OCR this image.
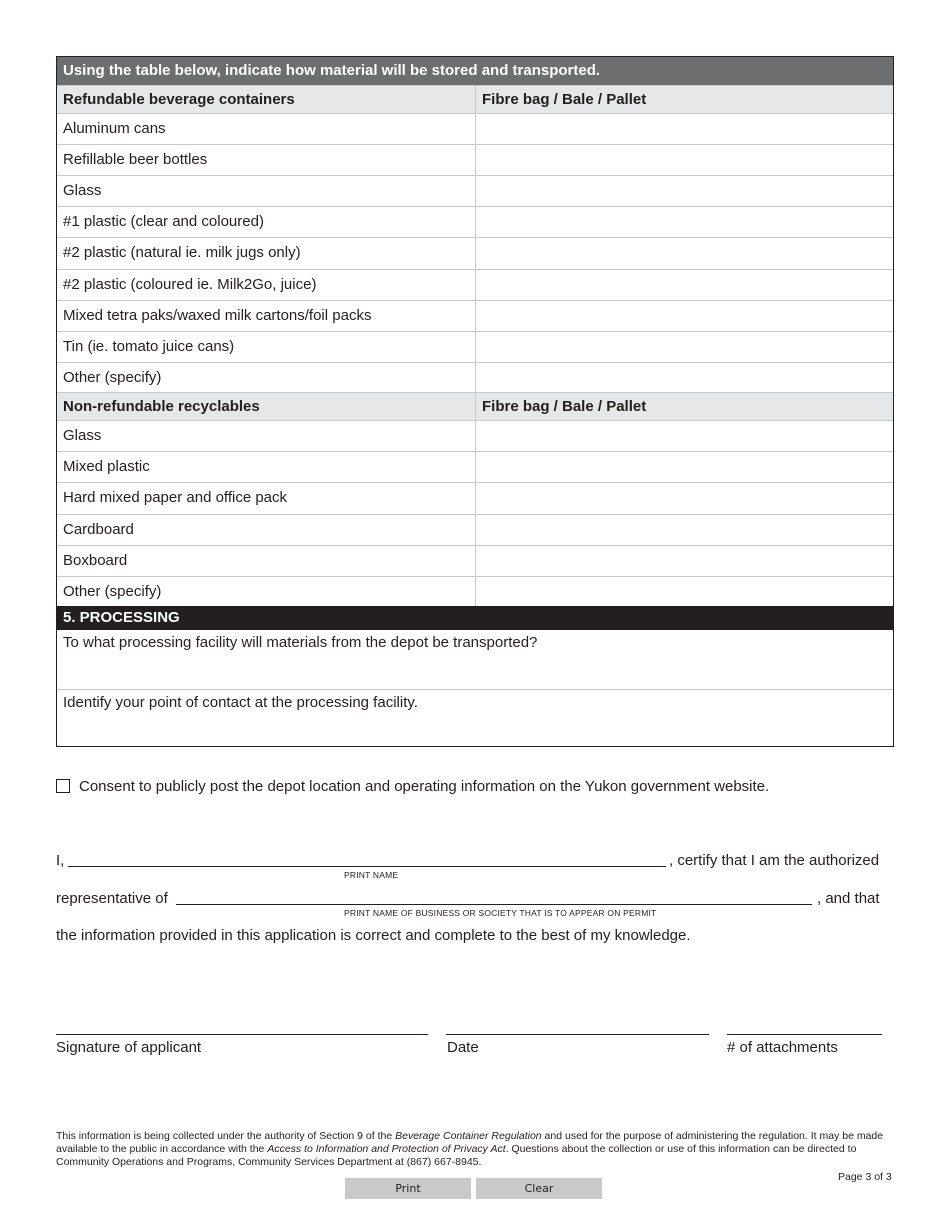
Using the table below, indicate how material will be stored and transported.
Refundable beverage containers	Fibre bag / Bale / Pallet
Aluminum cans
Refillable beer bottles
Glass
#1 plastic (clear and coloured)
#2 plastic (natural ie. milk jugs only)
#2 plastic (coloured ie. Milk2Go, juice)
Mixed tetra paks/waxed milk cartons/foil packs
Tin (ie. tomato juice cans)
Other (specify)
Non-refundable recyclables	Fibre bag / Bale / Pallet
Glass
Mixed plastic
Hard mixed paper and office pack
Cardboard
Boxboard
Other (specify)
5. PROCESSING
To what processing facility will materials from the depot be transported?
Identify your point of contact at the processing facility.
Consent to publicly post the depot location and operating information on the Yukon government website.
I,	, certify that I am the authorized
PRINT NAME
representative of	, and that
PRINT NAME OF BUSINESS OR SOCIETY THAT IS TO APPEAR ON PERMIT
the information provided in this application is correct and complete to the best of my knowledge.
Signature of applicant	Date	# of attachments
This information is being collected under the authority of Section 9 of the Beverage Container Regulation and used for the purpose of administering the regulation. It may be made available to the public in accordance with the Access to Information and Protection of Privacy Act. Questions about the collection or use of this information can be directed to Community Operations and Programs, Community Services Department at (867) 667-8945.
Page 3 of 3
Print	Clear
